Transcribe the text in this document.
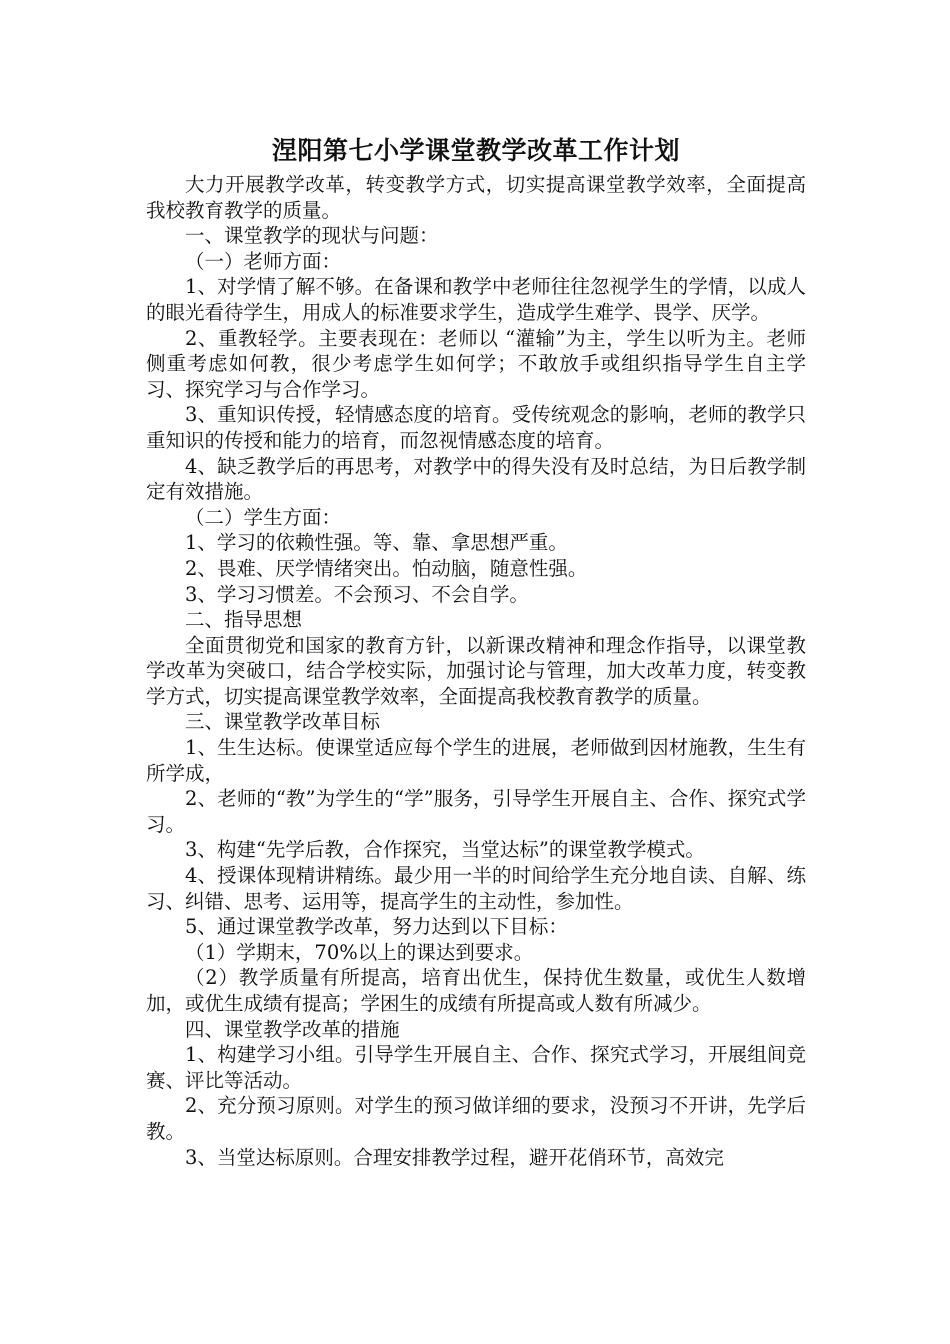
涅阳第七小学课堂教学改革工作计划

大力开展教学改革，转变教学方式，切实提高课堂教学效率，全面提高我校教育教学的质量。

一、课堂教学的现状与问题：

（一）老师方面：

1、对学情了解不够。在备课和教学中老师往往忽视学生的学情，以成人的眼光看待学生，用成人的标准要求学生，造成学生难学、畏学、厌学。

2、重教轻学。主要表现在：老师以 “灌输”为主，学生以听为主。老师侧重考虑如何教，很少考虑学生如何学；不敢放手或组织指导学生自主学习、探究学习与合作学习。

3、重知识传授，轻情感态度的培育。受传统观念的影响，老师的教学只重知识的传授和能力的培育，而忽视情感态度的培育。

4、缺乏教学后的再思考，对教学中的得失没有及时总结，为日后教学制定有效措施。

（二）学生方面：

1、学习的依赖性强。等、靠、拿思想严重。

2、畏难、厌学情绪突出。怕动脑，随意性强。

3、学习习惯差。不会预习、不会自学。

二、指导思想

全面贯彻党和国家的教育方针，以新课改精神和理念作指导，以课堂教学改革为突破口，结合学校实际，加强讨论与管理，加大改革力度，转变教学方式，切实提高课堂教学效率，全面提高我校教育教学的质量。

三、课堂教学改革目标

1、生生达标。使课堂适应每个学生的进展，老师做到因材施教，生生有所学成，

2、老师的“教”为学生的“学”服务，引导学生开展自主、合作、探究式学习。

3、构建“先学后教，合作探究，当堂达标”的课堂教学模式。

4、授课体现精讲精练。最少用一半的时间给学生充分地自读、自解、练习、纠错、思考、运用等，提高学生的主动性，参加性。

5、通过课堂教学改革，努力达到以下目标：

（1）学期末，70%以上的课达到要求。

（2）教学质量有所提高，培育出优生，保持优生数量，或优生人数增加，或优生成绩有提高；学困生的成绩有所提高或人数有所减少。

四、课堂教学改革的措施

1、构建学习小组。引导学生开展自主、合作、探究式学习，开展组间竞赛、评比等活动。

2、充分预习原则。对学生的预习做详细的要求，没预习不开讲，先学后教。

3、当堂达标原则。合理安排教学过程，避开花俏环节，高效完
